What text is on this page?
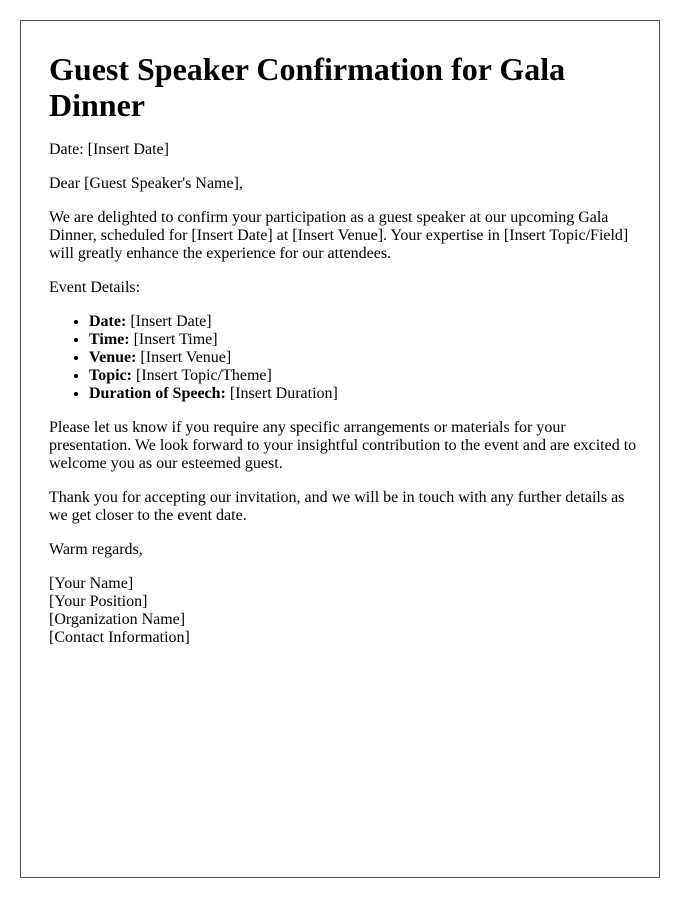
Guest Speaker Confirmation for Gala Dinner

Date: [Insert Date]

Dear [Guest Speaker's Name],

We are delighted to confirm your participation as a guest speaker at our upcoming Gala Dinner, scheduled for [Insert Date] at [Insert Venue]. Your expertise in [Insert Topic/Field] will greatly enhance the experience for our attendees.

Event Details:

• Date: [Insert Date]
• Time: [Insert Time]
• Venue: [Insert Venue]
• Topic: [Insert Topic/Theme]
• Duration of Speech: [Insert Duration]

Please let us know if you require any specific arrangements or materials for your presentation. We look forward to your insightful contribution to the event and are excited to welcome you as our esteemed guest.

Thank you for accepting our invitation, and we will be in touch with any further details as we get closer to the event date.

Warm regards,

[Your Name]
[Your Position]
[Organization Name]
[Contact Information]
